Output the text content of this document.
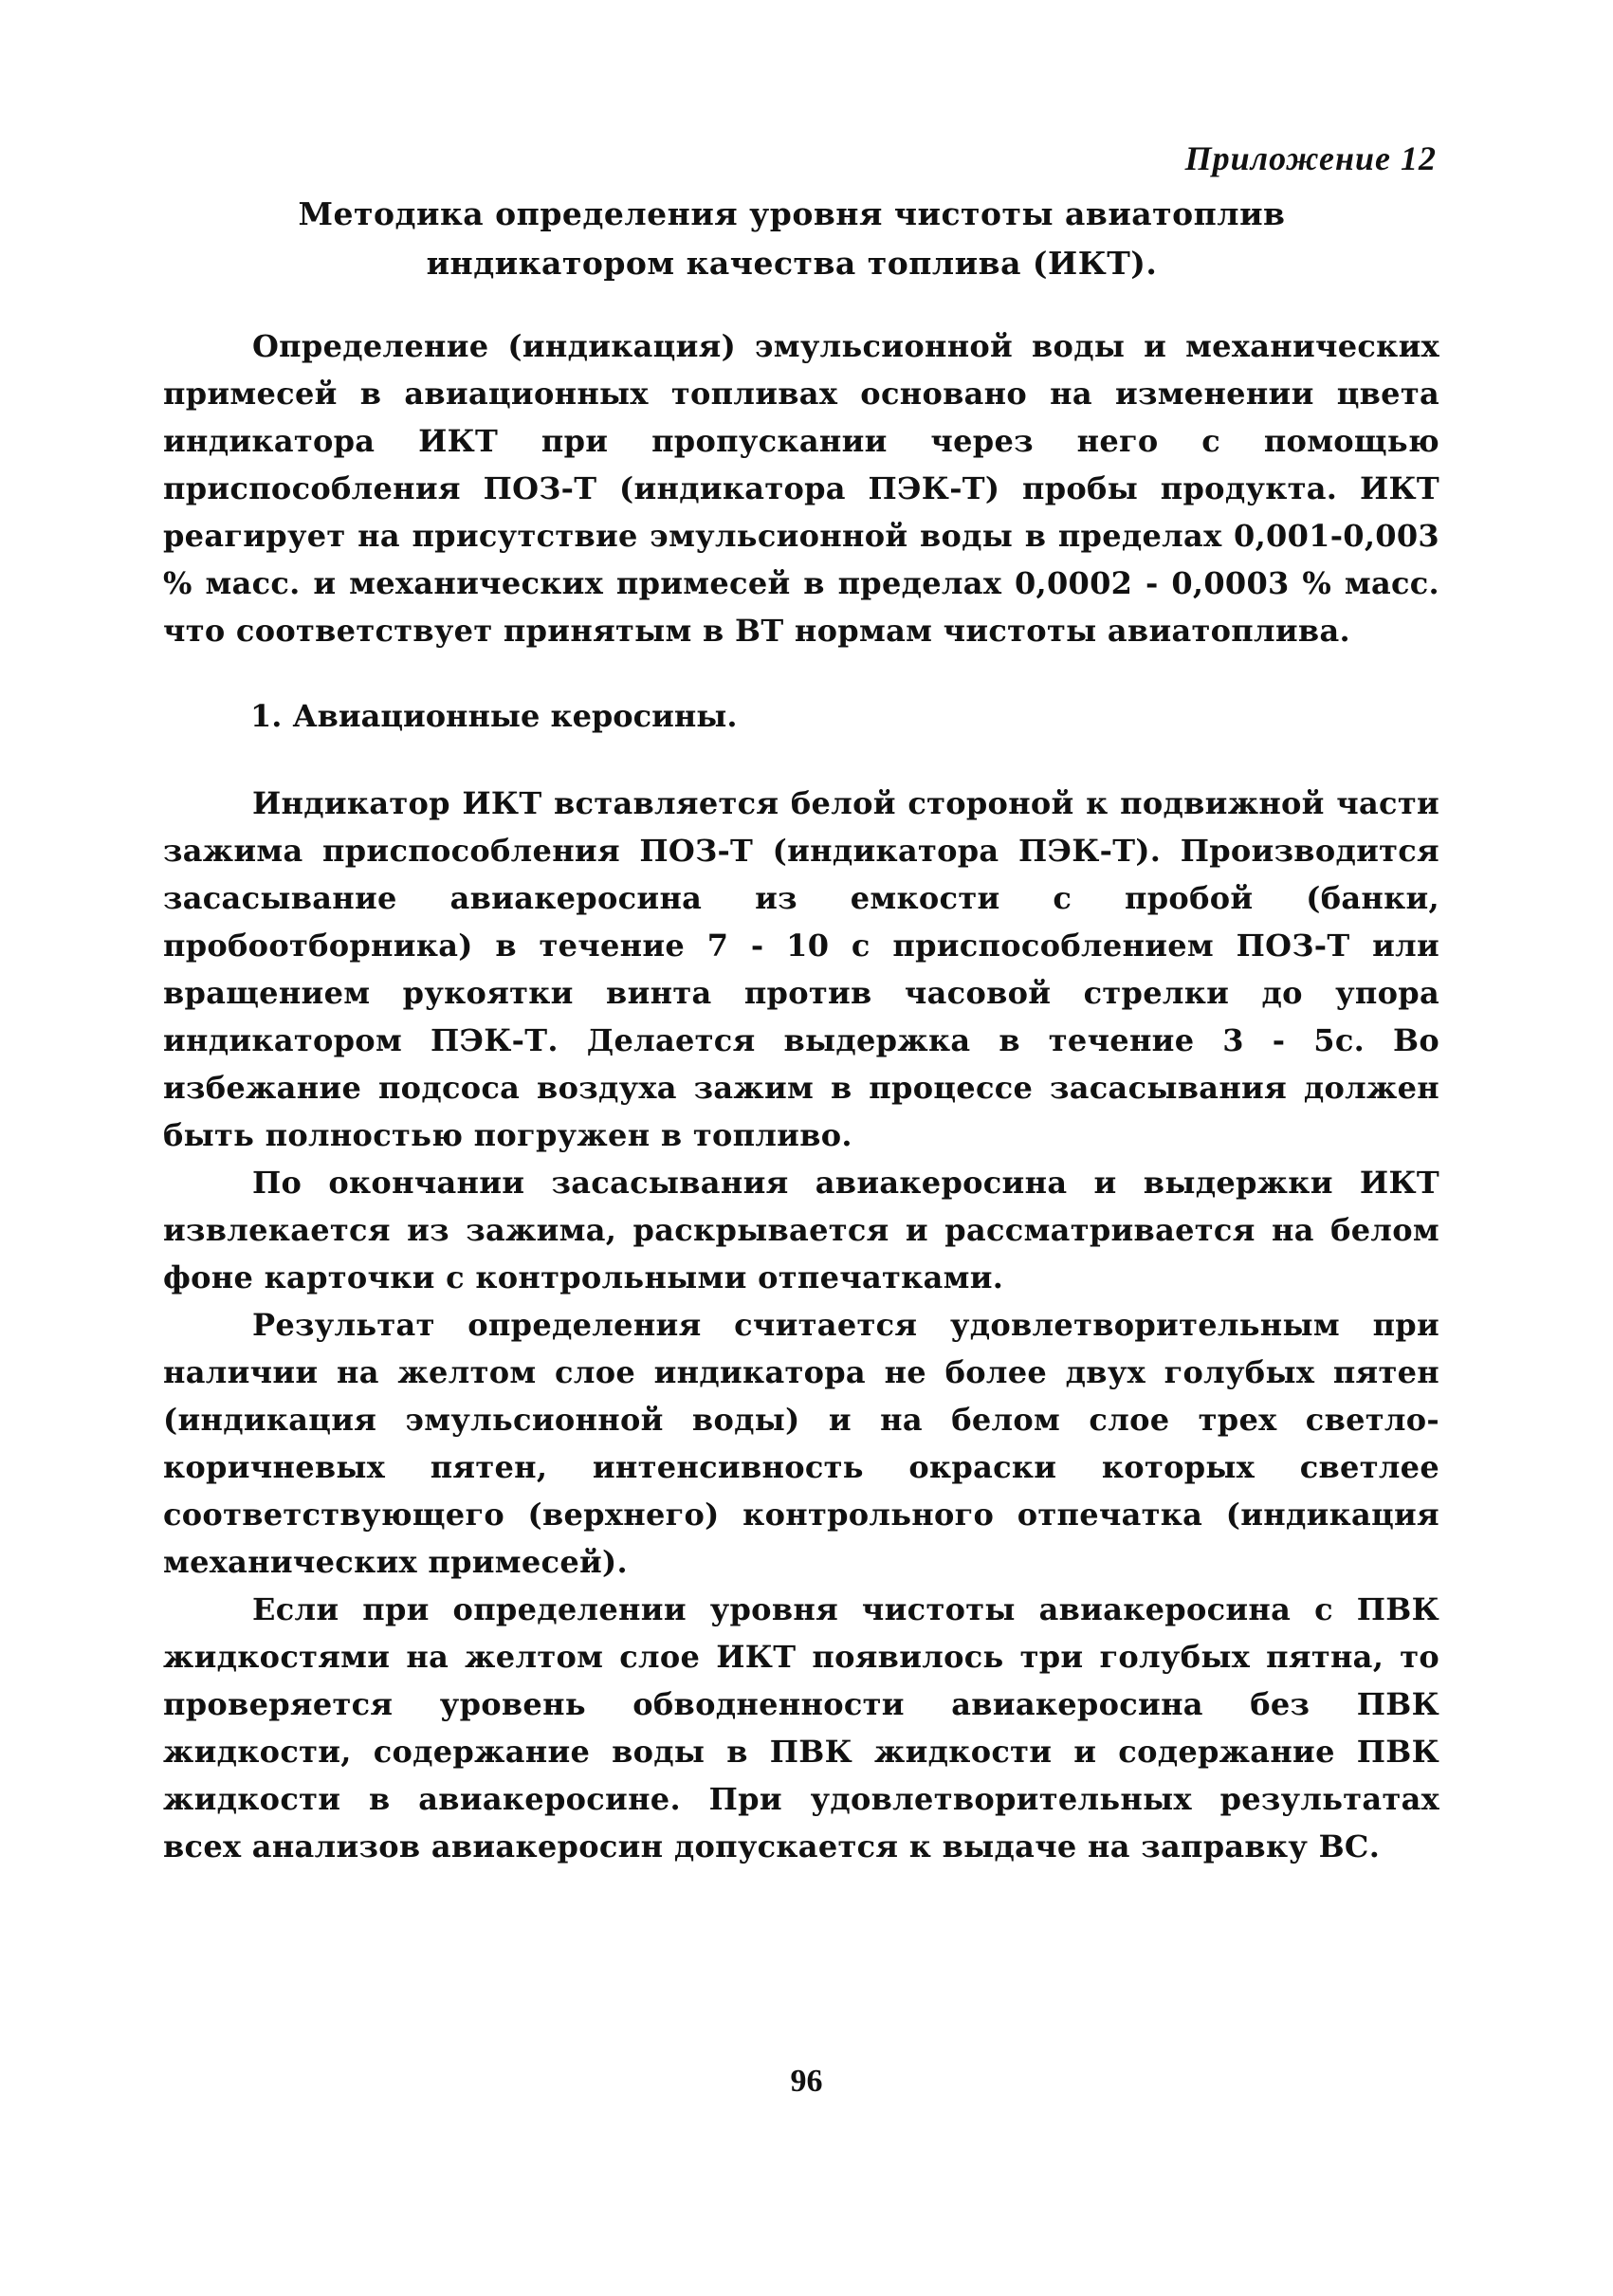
Приложение 12
Методика определения уровня чистоты авиатоплив индикатором качества топлива (ИКТ).

Определение (индикация) эмульсионной воды и механических примесей в авиационных топливах основано на изменении цвета индикатора ИКТ при пропускании через него с помощью приспособления ПОЗ-Т (индикатора ПЭК-Т) пробы продукта. ИКТ реагирует на присутствие эмульсионной воды в пределах 0,001-0,003 % масс. и механических примесей в пределах 0,0002 - 0,0003 % масс. что соответствует принятым в ВТ нормам чистоты авиатоплива.

1. Авиационные керосины.

Индикатор ИКТ вставляется белой стороной к подвижной части зажима приспособления ПОЗ-Т (индикатора ПЭК-Т). Производится засасывание авиакеросина из емкости с пробой (банки, пробоотборника) в течение 7 - 10 с приспособлением ПОЗ-Т или вращением рукоятки винта против часовой стрелки до упора индикатором ПЭК-Т. Делается выдержка в течение 3 - 5с. Во избежание подсоса воздуха зажим в процессе засасывания должен быть полностью погружен в топливо.

По окончании засасывания авиакеросина и выдержки ИКТ извлекается из зажима, раскрывается и рассматривается на белом фоне карточки с контрольными отпечатками.

Результат определения считается удовлетворительным при наличии на желтом слое индикатора не более двух голубых пятен (индикация эмульсионной воды) и на белом слое трех светло-коричневых пятен, интенсивность окраски которых светлее соответствующего (верхнего) контрольного отпечатка (индикация механических примесей).

Если при определении уровня чистоты авиакеросина с ПВК жидкостями на желтом слое ИКТ появилось три голубых пятна, то проверяется уровень обводненности авиакеросина без ПВК жидкости, содержание воды в ПВК жидкости и содержание ПВК жидкости в авиакеросине. При удовлетворительных результатах всех анализов авиакеросин допускается к выдаче на заправку ВС.

96
